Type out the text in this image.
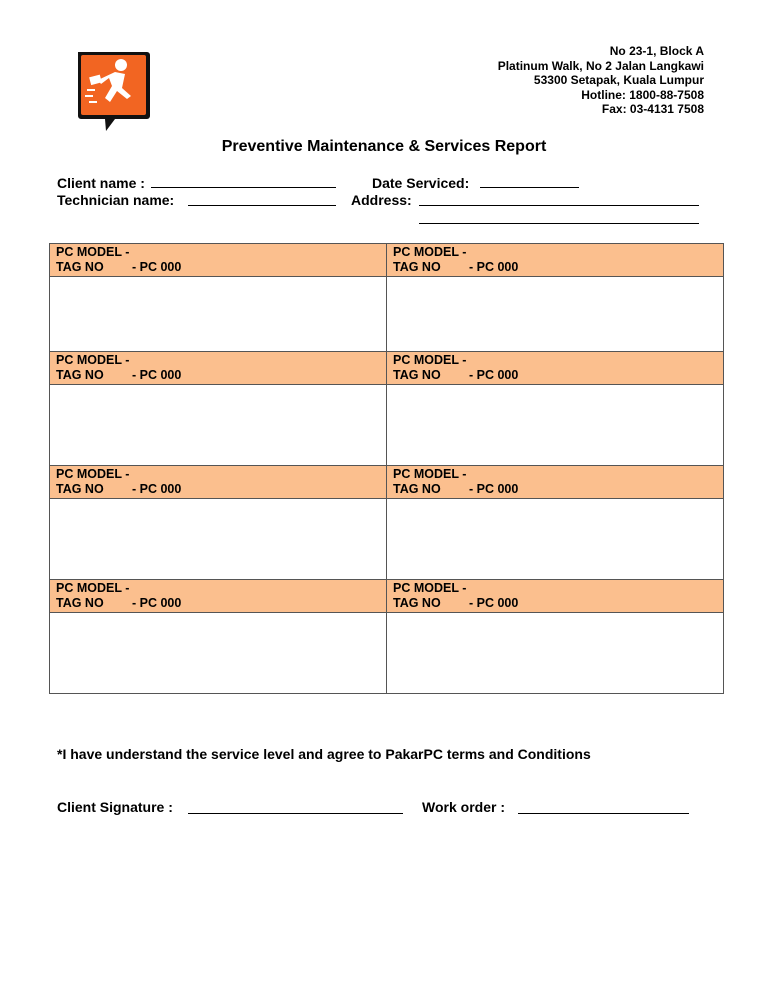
No 23-1, Block A
Platinum Walk, No 2 Jalan Langkawi
53300 Setapak, Kuala Lumpur
Hotline: 1800-88-7508
Fax: 03-4131 7508
Preventive Maintenance & Services Report
Client name :	Date Serviced:
Technician name:	Address:
PC MODEL -
TAG NO	- PC 000
PC MODEL -
TAG NO	- PC 000
PC MODEL -
TAG NO	- PC 000
PC MODEL -
TAG NO	- PC 000
PC MODEL -
TAG NO	- PC 000
PC MODEL -
TAG NO	- PC 000
PC MODEL -
TAG NO	- PC 000
PC MODEL -
TAG NO	- PC 000
*I have understand the service level and agree to PakarPC terms and Conditions
Client Signature :	Work order :
